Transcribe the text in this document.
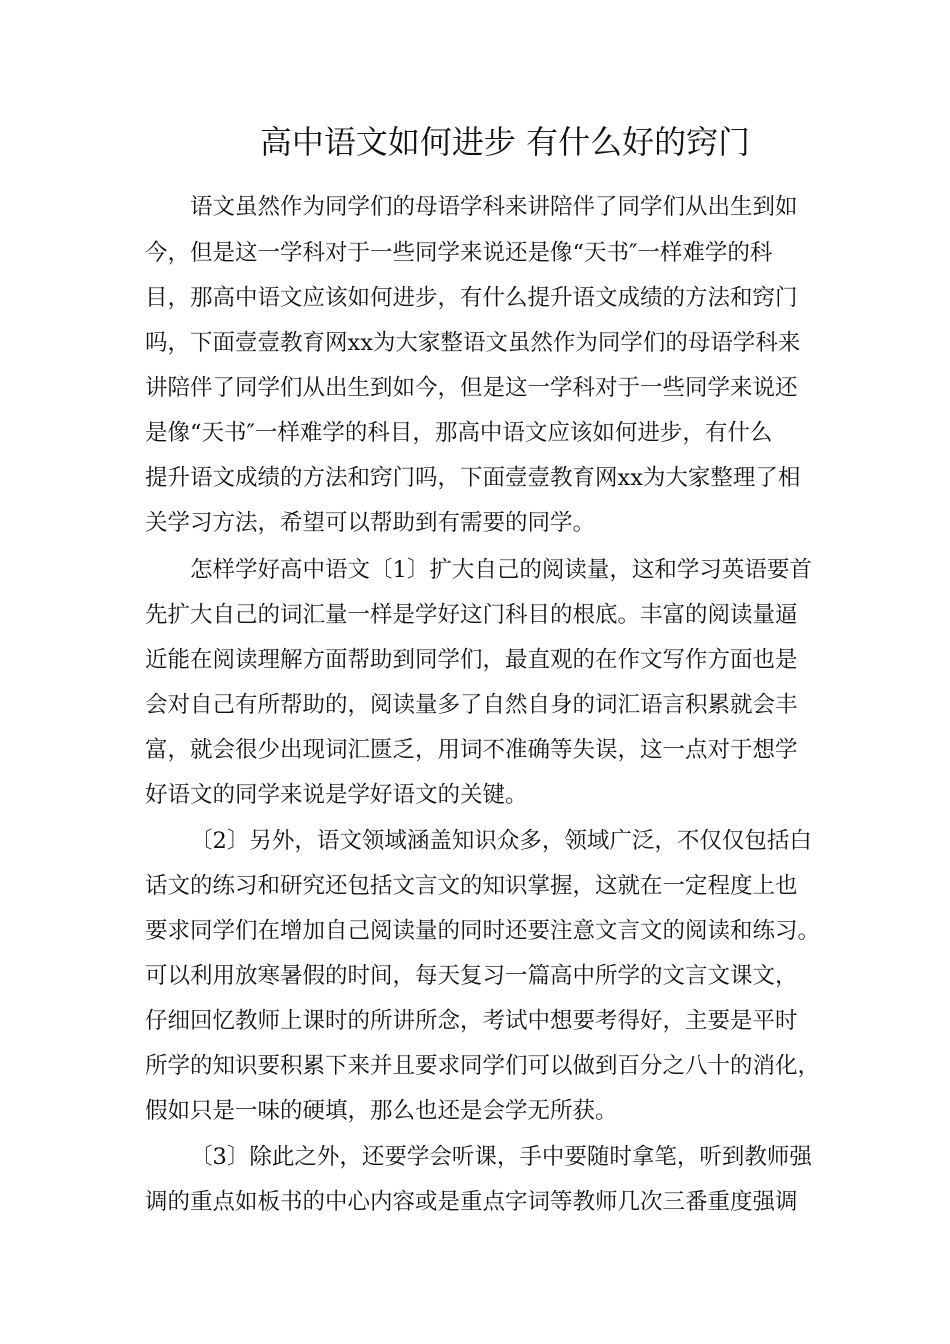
高中语文如何进步 有什么好的窍门

语文虽然作为同学们的母语学科来讲陪伴了同学们从出生到如

今，但是这一学科对于一些同学来说还是像“天书″一样难学的科

目，那高中语文应该如何进步，有什么提升语文成绩的方法和窍门

吗，下面壹壹教育网xx为大家整语文虽然作为同学们的母语学科来

讲陪伴了同学们从出生到如今，但是这一学科对于一些同学来说还

是像“天书″一样难学的科目，那高中语文应该如何进步，有什么

提升语文成绩的方法和窍门吗，下面壹壹教育网xx为大家整理了相

关学习方法，希望可以帮助到有需要的同学。

怎样学好高中语文〔1〕扩大自己的阅读量，这和学习英语要首

先扩大自己的词汇量一样是学好这门科目的根底。丰富的阅读量逼

近能在阅读理解方面帮助到同学们，最直观的在作文写作方面也是

会对自己有所帮助的，阅读量多了自然自身的词汇语言积累就会丰

富，就会很少出现词汇匮乏，用词不准确等失误，这一点对于想学

好语文的同学来说是学好语文的关键。

〔2〕另外，语文领域涵盖知识众多，领域广泛，不仅仅包括白

话文的练习和研究还包括文言文的知识掌握，这就在一定程度上也

要求同学们在增加自己阅读量的同时还要注意文言文的阅读和练习。

可以利用放寒暑假的时间，每天复习一篇高中所学的文言文课文，

仔细回忆教师上课时的所讲所念，考试中想要考得好，主要是平时

所学的知识要积累下来并且要求同学们可以做到百分之八十的消化，

假如只是一味的硬填，那么也还是会学无所获。

〔3〕除此之外，还要学会听课，手中要随时拿笔，听到教师强

调的重点如板书的中心内容或是重点字词等教师几次三番重度强调
